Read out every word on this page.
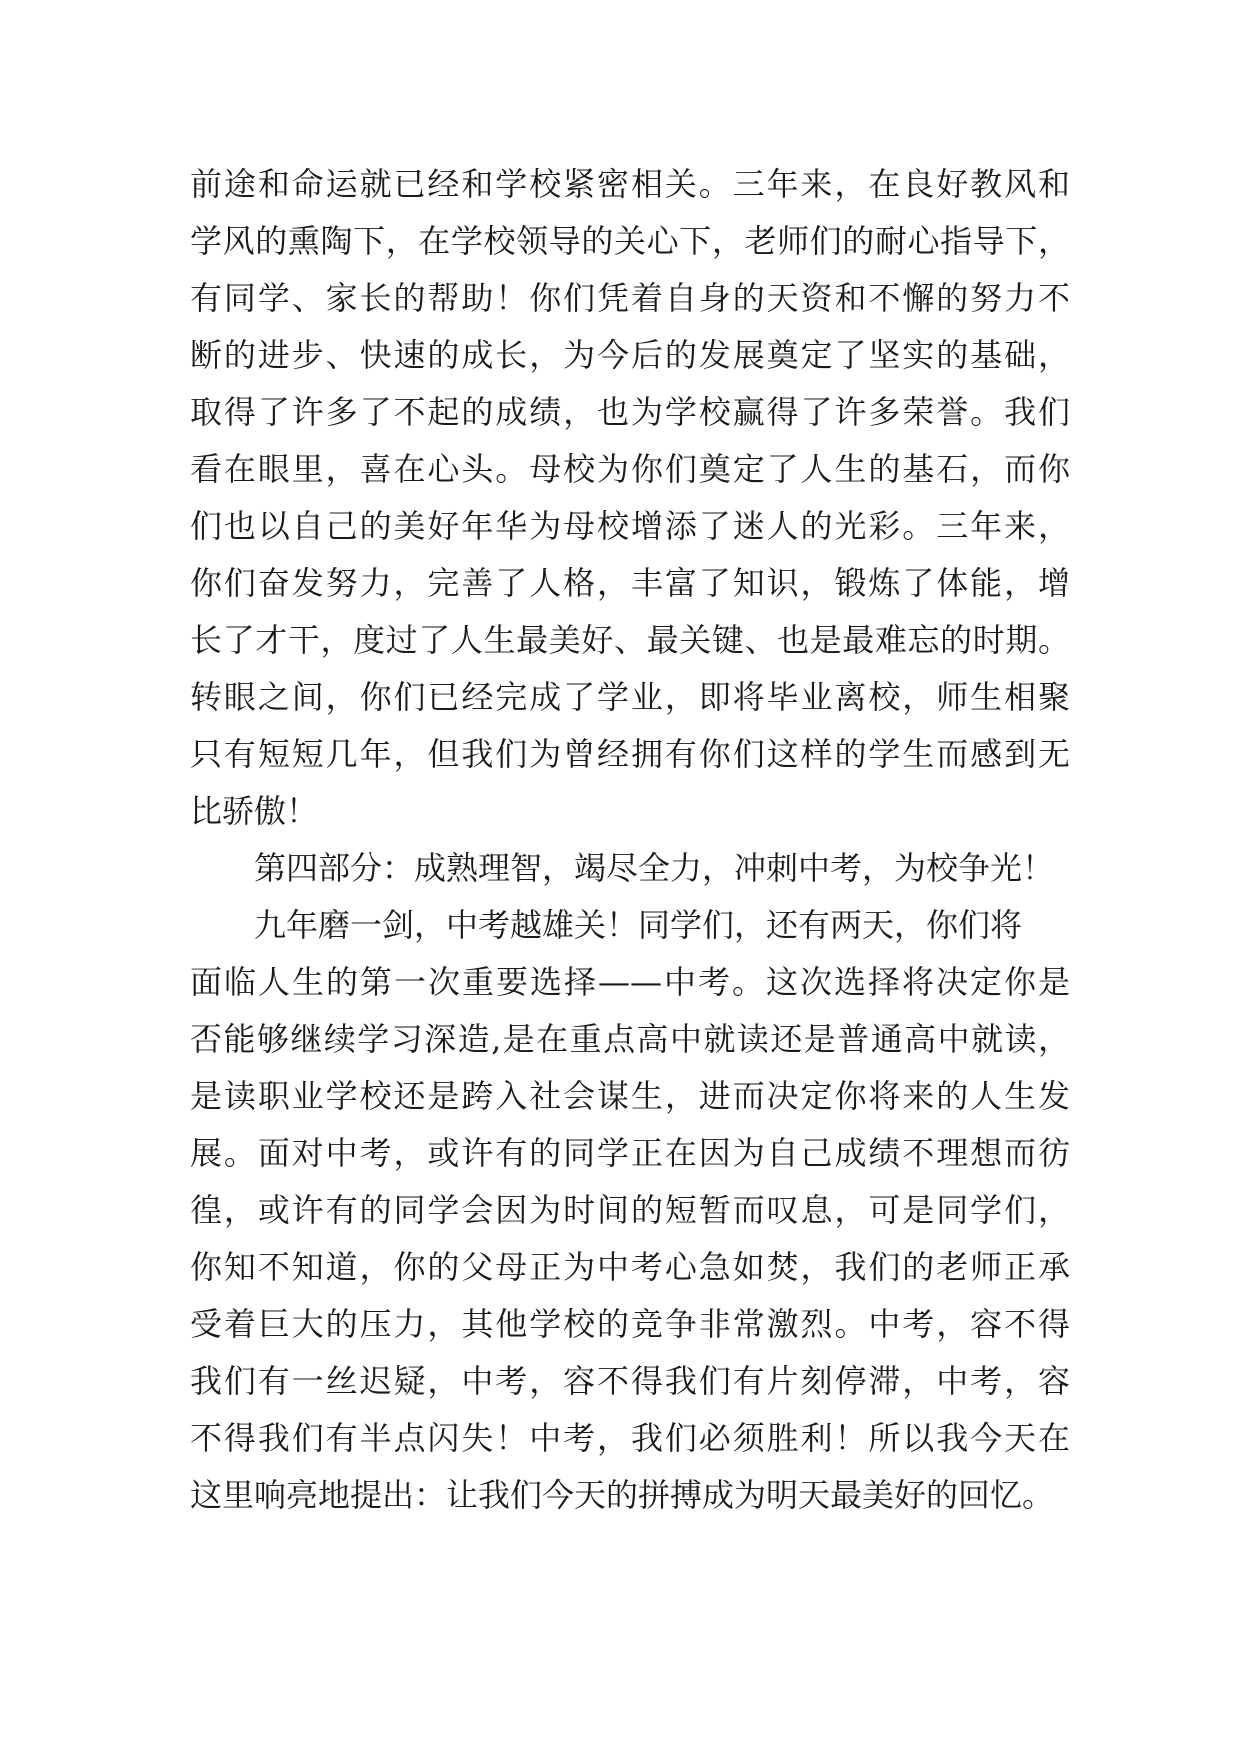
前途和命运就已经和学校紧密相关。三年来，在良好教风和
学风的熏陶下，在学校领导的关心下，老师们的耐心指导下，
有同学、家长的帮助！你们凭着自身的天资和不懈的努力不
断的进步、快速的成长，为今后的发展奠定了坚实的基础，
取得了许多了不起的成绩，也为学校赢得了许多荣誉。我们
看在眼里，喜在心头。母校为你们奠定了人生的基石，而你
们也以自己的美好年华为母校增添了迷人的光彩。三年来，
你们奋发努力，完善了人格，丰富了知识，锻炼了体能，增
长了才干，度过了人生最美好、最关键、也是最难忘的时期。
转眼之间，你们已经完成了学业，即将毕业离校，师生相聚
只有短短几年，但我们为曾经拥有你们这样的学生而感到无
比骄傲！
第四部分：成熟理智，竭尽全力，冲刺中考，为校争光！
九年磨一剑，中考越雄关！同学们，还有两天，你们将
面临人生的第一次重要选择——中考。这次选择将决定你是
否能够继续学习深造,是在重点高中就读还是普通高中就读，
是读职业学校还是跨入社会谋生，进而决定你将来的人生发
展。面对中考，或许有的同学正在因为自己成绩不理想而彷
徨，或许有的同学会因为时间的短暂而叹息，可是同学们，
你知不知道，你的父母正为中考心急如焚，我们的老师正承
受着巨大的压力，其他学校的竞争非常激烈。中考，容不得
我们有一丝迟疑，中考，容不得我们有片刻停滞，中考，容
不得我们有半点闪失！中考，我们必须胜利！所以我今天在
这里响亮地提出：让我们今天的拼搏成为明天最美好的回忆。
